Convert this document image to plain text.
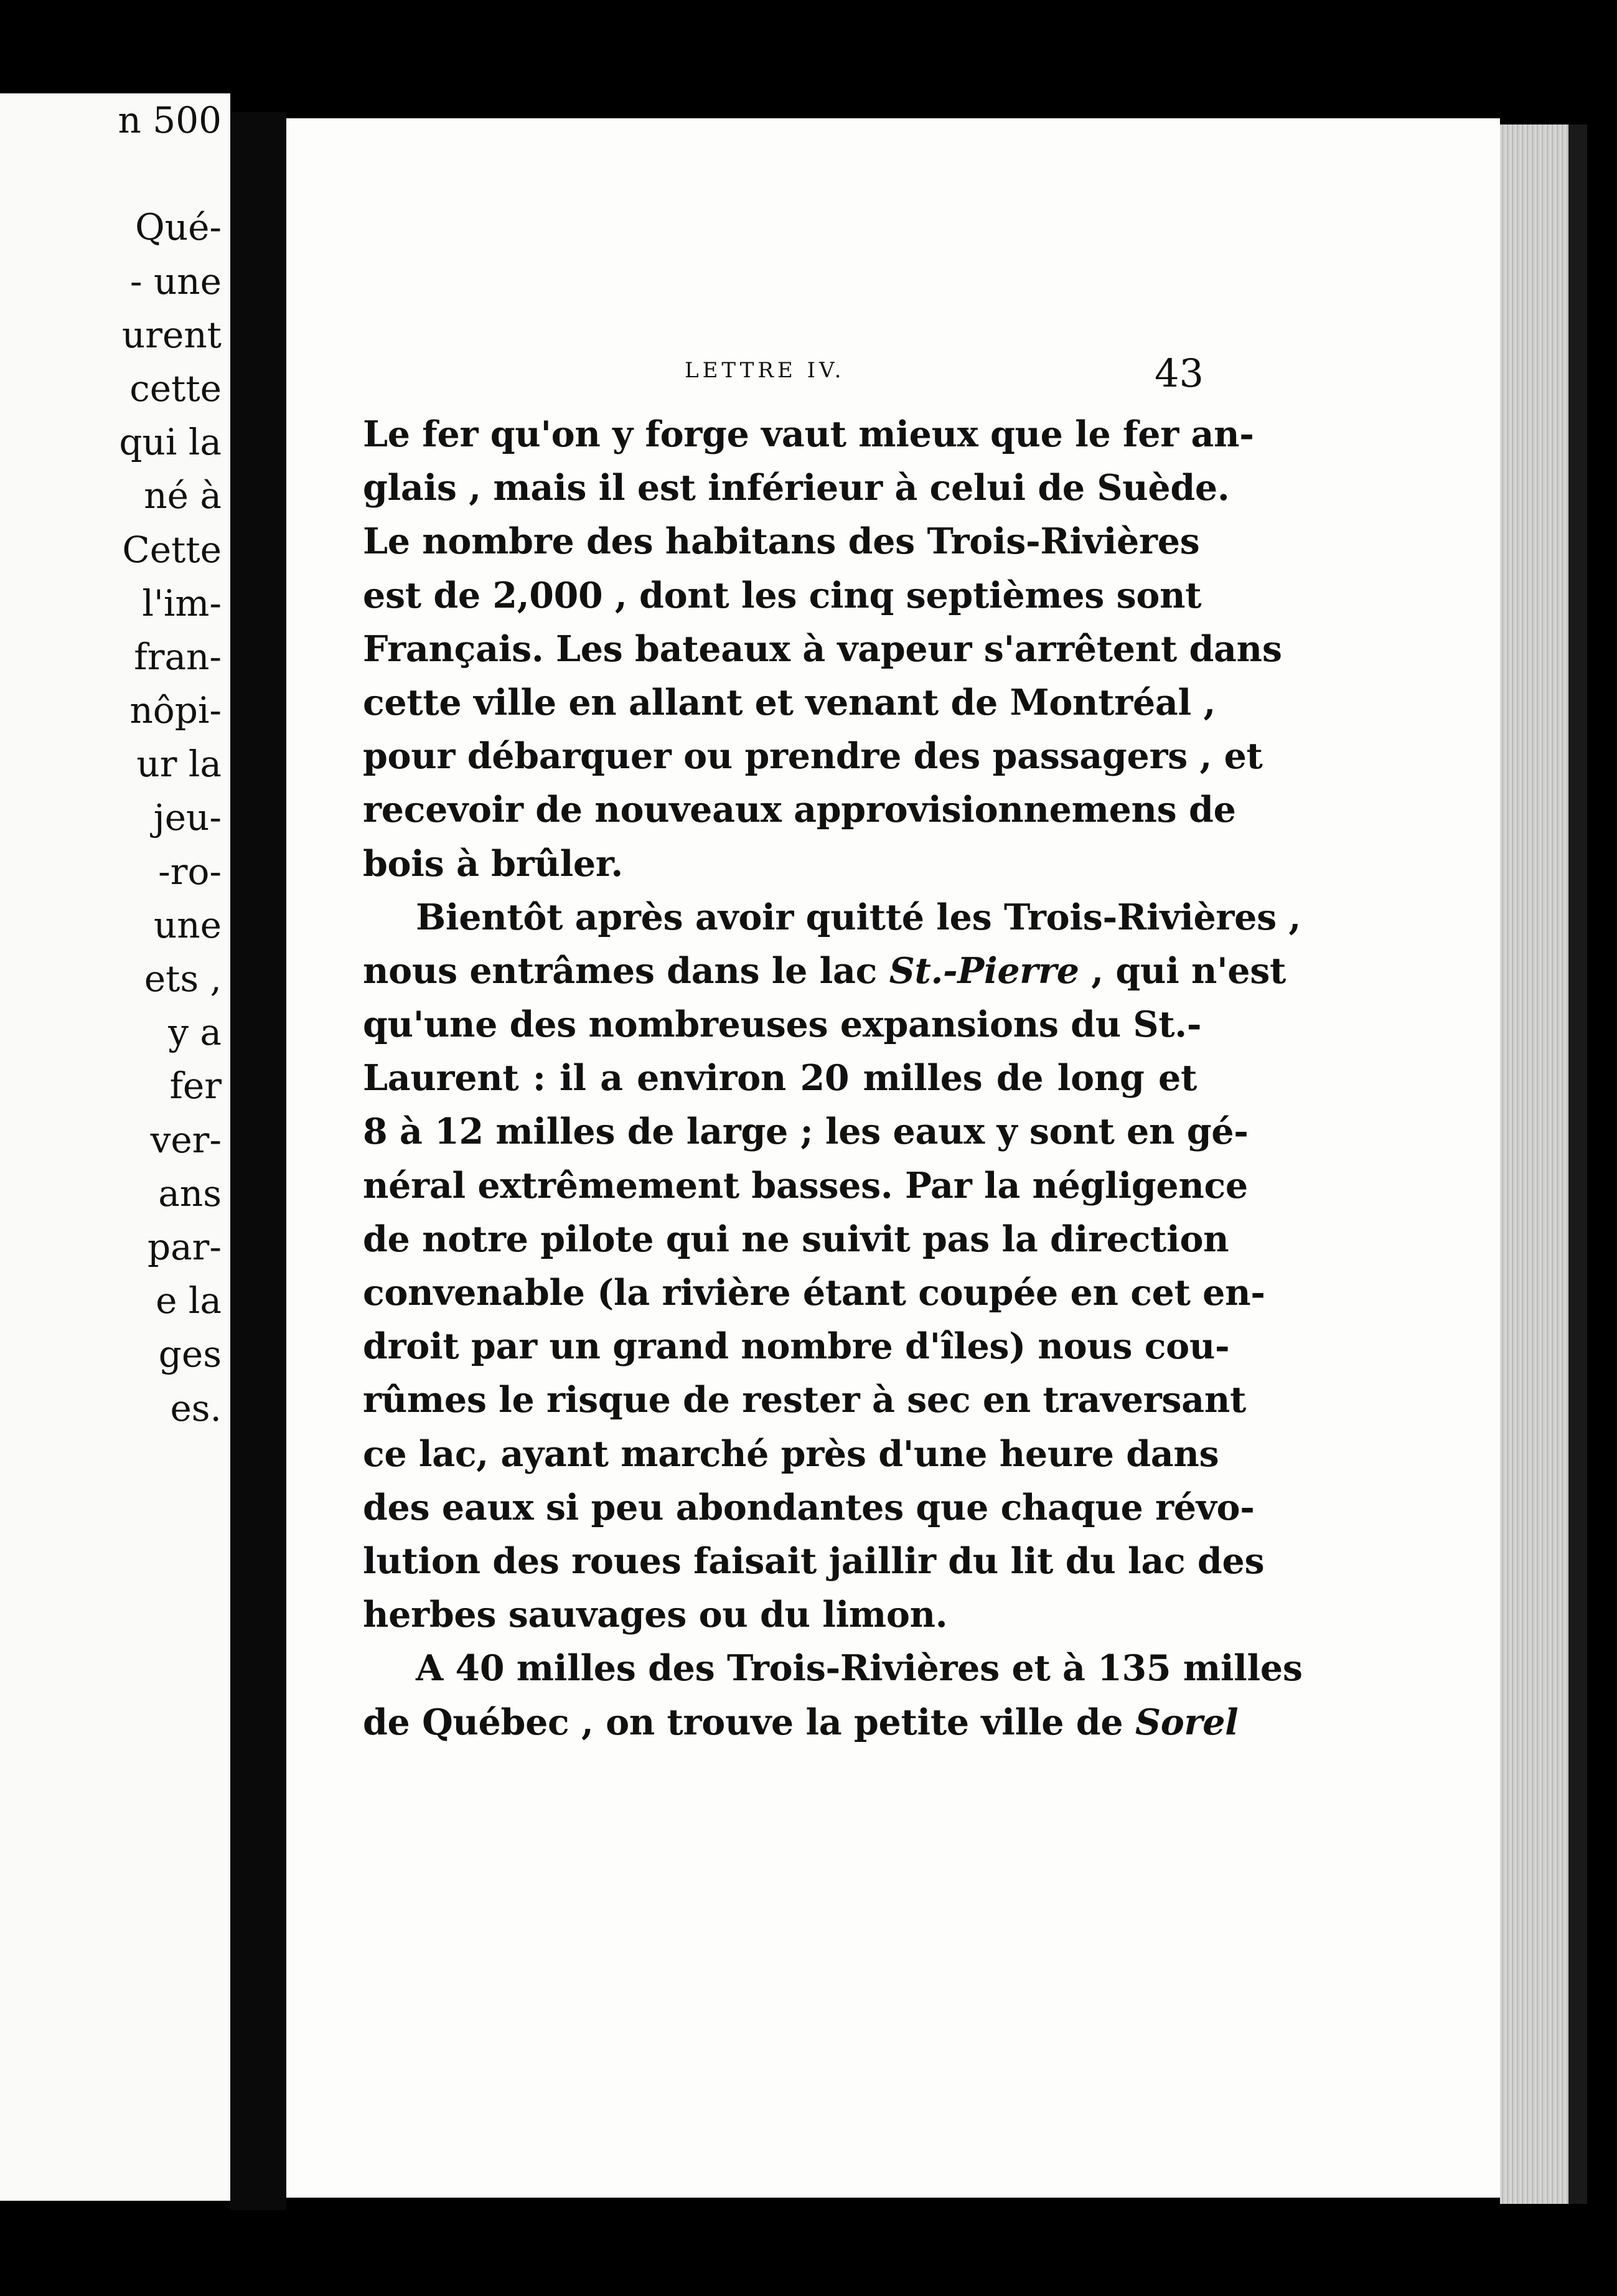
n 500
Qué-
- une
urent
cette
qui la
né à
Cette
l'im-
fran-
nôpi-
ur la
jeu-
-ro-
une
ets ,
y a
fer
ver-
ans
par-
e la
ges
es.
LETTRE IV.	43
Le fer qu'on y forge vaut mieux que le fer an-
glais , mais il est inférieur à celui de Suède.
Le nombre des habitans des Trois-Rivières
est de 2,000 , dont les cinq septièmes sont
Français. Les bateaux à vapeur s'arrêtent dans
cette ville en allant et venant de Montréal ,
pour débarquer ou prendre des passagers , et
recevoir de nouveaux approvisionnemens de
bois à brûler.
Bientôt après avoir quitté les Trois-Rivières ,
nous entrâmes dans le lac St.-Pierre , qui n'est
qu'une des nombreuses expansions du St.-
Laurent : il a environ 20 milles de long et
8 à 12 milles de large ; les eaux y sont en gé-
néral extrêmement basses. Par la négligence
de notre pilote qui ne suivit pas la direction
convenable (la rivière étant coupée en cet en-
droit par un grand nombre d'îles) nous cou-
rûmes le risque de rester à sec en traversant
ce lac, ayant marché près d'une heure dans
des eaux si peu abondantes que chaque révo-
lution des roues faisait jaillir du lit du lac des
herbes sauvages ou du limon.
A 40 milles des Trois-Rivières et à 135 milles
de Québec , on trouve la petite ville de Sorel
